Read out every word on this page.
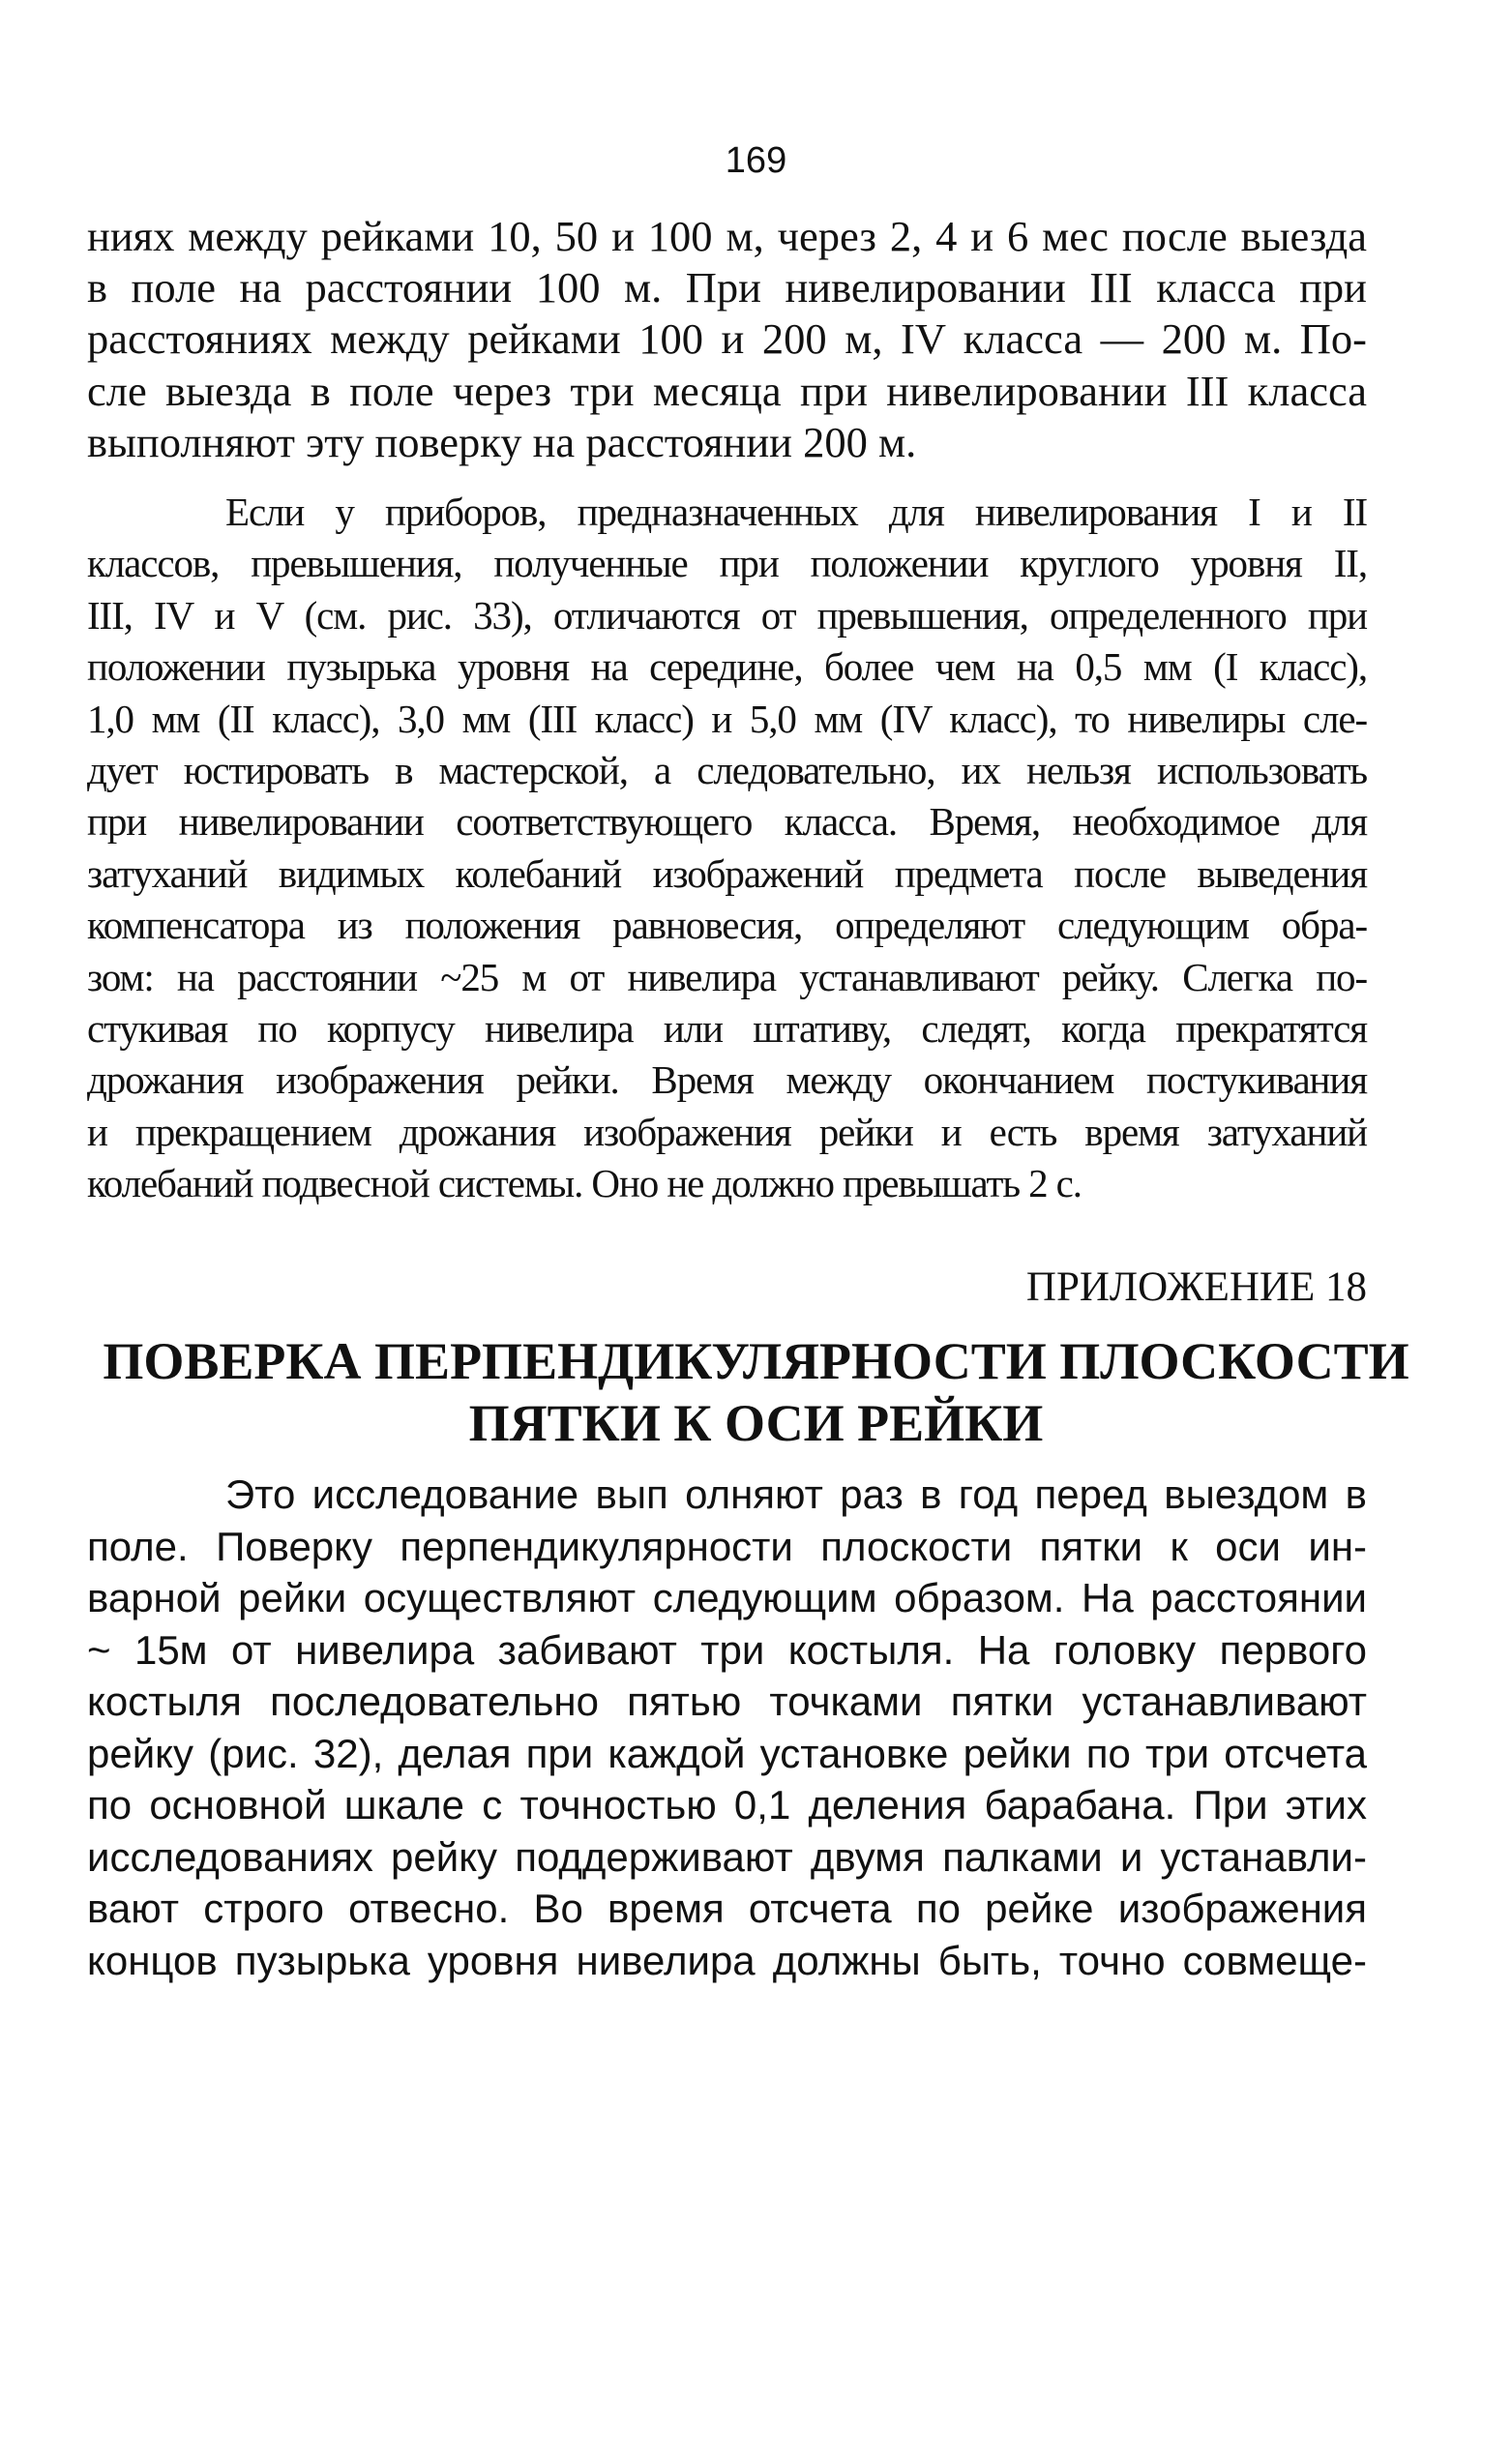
169
ниях между рейками 10, 50 и 100 м, через 2, 4 и 6 мес после выезда
в поле на расстоянии 100 м. При нивелировании III класса при
расстояниях между рейками 100 и 200 м, IV класса — 200 м. По-
сле выезда в поле через три месяца при нивелировании III класса
выполняют эту поверку на расстоянии 200 м.
Если у приборов, предназначенных для нивелирования I и II
классов, превышения, полученные при положении круглого уровня II,
III, IV и V (см. рис. 33), отличаются от превышения, определенного при
положении пузырька уровня на середине, более чем на 0,5 мм (I класс),
1,0 мм (II класс), 3,0 мм (III класс) и 5,0 мм (IV класс), то нивелиры сле-
дует юстировать в мастерской, а следовательно, их нельзя использовать
при нивелировании соответствующего класса. Время, необходимое для
затуханий видимых колебаний изображений предмета после выведения
компенсатора из положения равновесия, определяют следующим обра-
зом: на расстоянии ~25 м от нивелира устанавливают рейку. Слегка по-
стукивая по корпусу нивелира или штативу, следят, когда прекратятся
дрожания изображения рейки. Время между окончанием постукивания
и прекращением дрожания изображения рейки и есть время затуханий
колебаний подвесной системы. Оно не должно превышать 2 с.
ПРИЛОЖЕНИЕ 18
ПОВЕРКА ПЕРПЕНДИКУЛЯРНОСТИ ПЛОСКОСТИ
ПЯТКИ К ОСИ РЕЙКИ
Это исследование вып олняют раз в год перед выездом в
поле. Поверку перпендикулярности плоскости пятки к оси ин-
варной рейки осуществляют следующим образом. На расстоянии
~ 15м от нивелира забивают три костыля. На головку первого
костыля последовательно пятью точками пятки устанавливают
рейку (рис. 32), делая при каждой установке рейки по три отсчета
по основной шкале с точностью 0,1 деления барабана. При этих
исследованиях рейку поддерживают двумя палками и устанавли-
вают строго отвесно. Во время отсчета по рейке изображения
концов пузырька уровня нивелира должны быть, точно совмеще-
